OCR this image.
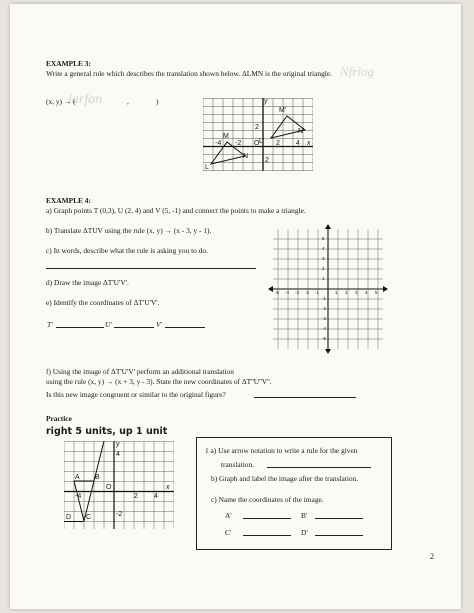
Nfrlog
larfan
EXAMPLE 3:
Write a general rule which describes the translation shown below. ΔLMN is the original triangle.
(x, y) → (	,	)	y
x
M
L
N
M'
N'
L'
O 2 4
-2
-4
2
2
EXAMPLE 4:
a) Graph points T (0,3), U (2, 4) and V (5, -1) and connect the points to make a triangle.
b) Translate ΔTUV using the rule (x, y) → (x - 3, y - 1).
c) In words, describe what the rule is asking you to do.
d) Draw the image ΔT'U'V'.
e) Identify the coordinates of ΔT'U'V'.
T'	U'	V'
f) Using the image of ΔT'U'V' perform an additional translation
using the rule (x, y) → (x + 3, y - 3). State the new coordinates of ΔT''U''V''.
Is this new image congruent or similar to the original figure?
-5 -4 -3 -2 -1	1 2 3 4 5
5
4
3
2
1
-1
-2
-3
-4
-5
Practice
right 5 units, up 1 unit
y
x
A B
C
D
O
4
-2
2 4
-4
1 a) Use arrow notation to write a rule for the given
translation.
b) Graph and label the image after the translation.
c) Name the coordinates of the image.
A'	B'
C'	D'
2
